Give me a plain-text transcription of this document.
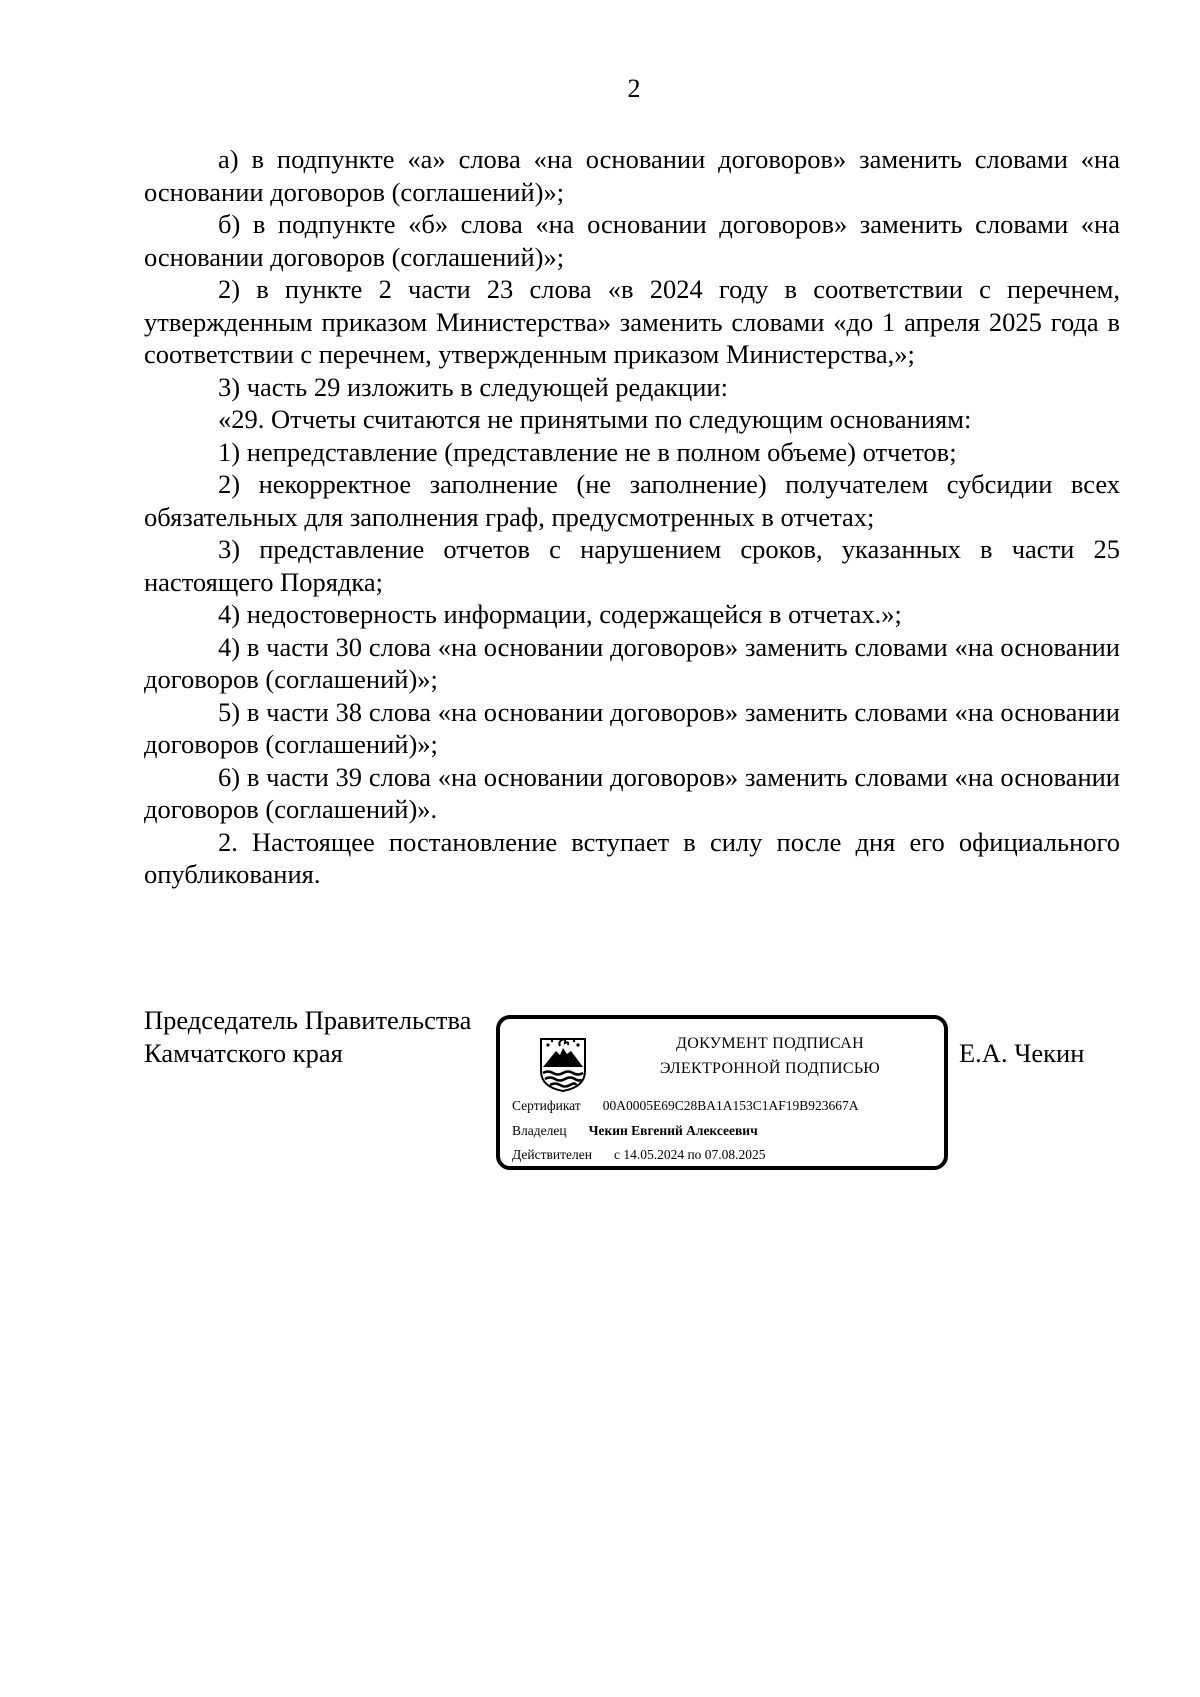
2

а) в подпункте «а» слова «на основании договоров» заменить словами «на основании договоров (соглашений)»;

б) в подпункте «б» слова «на основании договоров» заменить словами «на основании договоров (соглашений)»;

2) в пункте 2 части 23 слова «в 2024 году в соответствии с перечнем, утвержденным приказом Министерства» заменить словами «до 1 апреля 2025 года в соответствии с перечнем, утвержденным приказом Министерства,»;

3) часть 29 изложить в следующей редакции:

«29. Отчеты считаются не принятыми по следующим основаниям:

1) непредставление (представление не в полном объеме) отчетов;

2) некорректное заполнение (не заполнение) получателем субсидии всех обязательных для заполнения граф, предусмотренных в отчетах;

3) представление отчетов с нарушением сроков, указанных в части 25 настоящего Порядка;

4) недостоверность информации, содержащейся в отчетах.»;

4) в части 30 слова «на основании договоров» заменить словами «на основании договоров (соглашений)»;

5) в части 38 слова «на основании договоров» заменить словами «на основании договоров (соглашений)»;

6) в части 39 слова «на основании договоров» заменить словами «на основании договоров (соглашений)».

2. Настоящее постановление вступает в силу после дня его официального опубликования.

Председатель Правительства
Камчатского края	ДОКУМЕНТ ПОДПИСАН
ЭЛЕКТРОННОЙ ПОДПИСЬЮ
Сертификат 00A0005E69C28BA1A153C1AF19B923667A
Владелец Чекин Евгений Алексеевич
Действителен с 14.05.2024 по 07.08.2025
Е.А. Чекин
